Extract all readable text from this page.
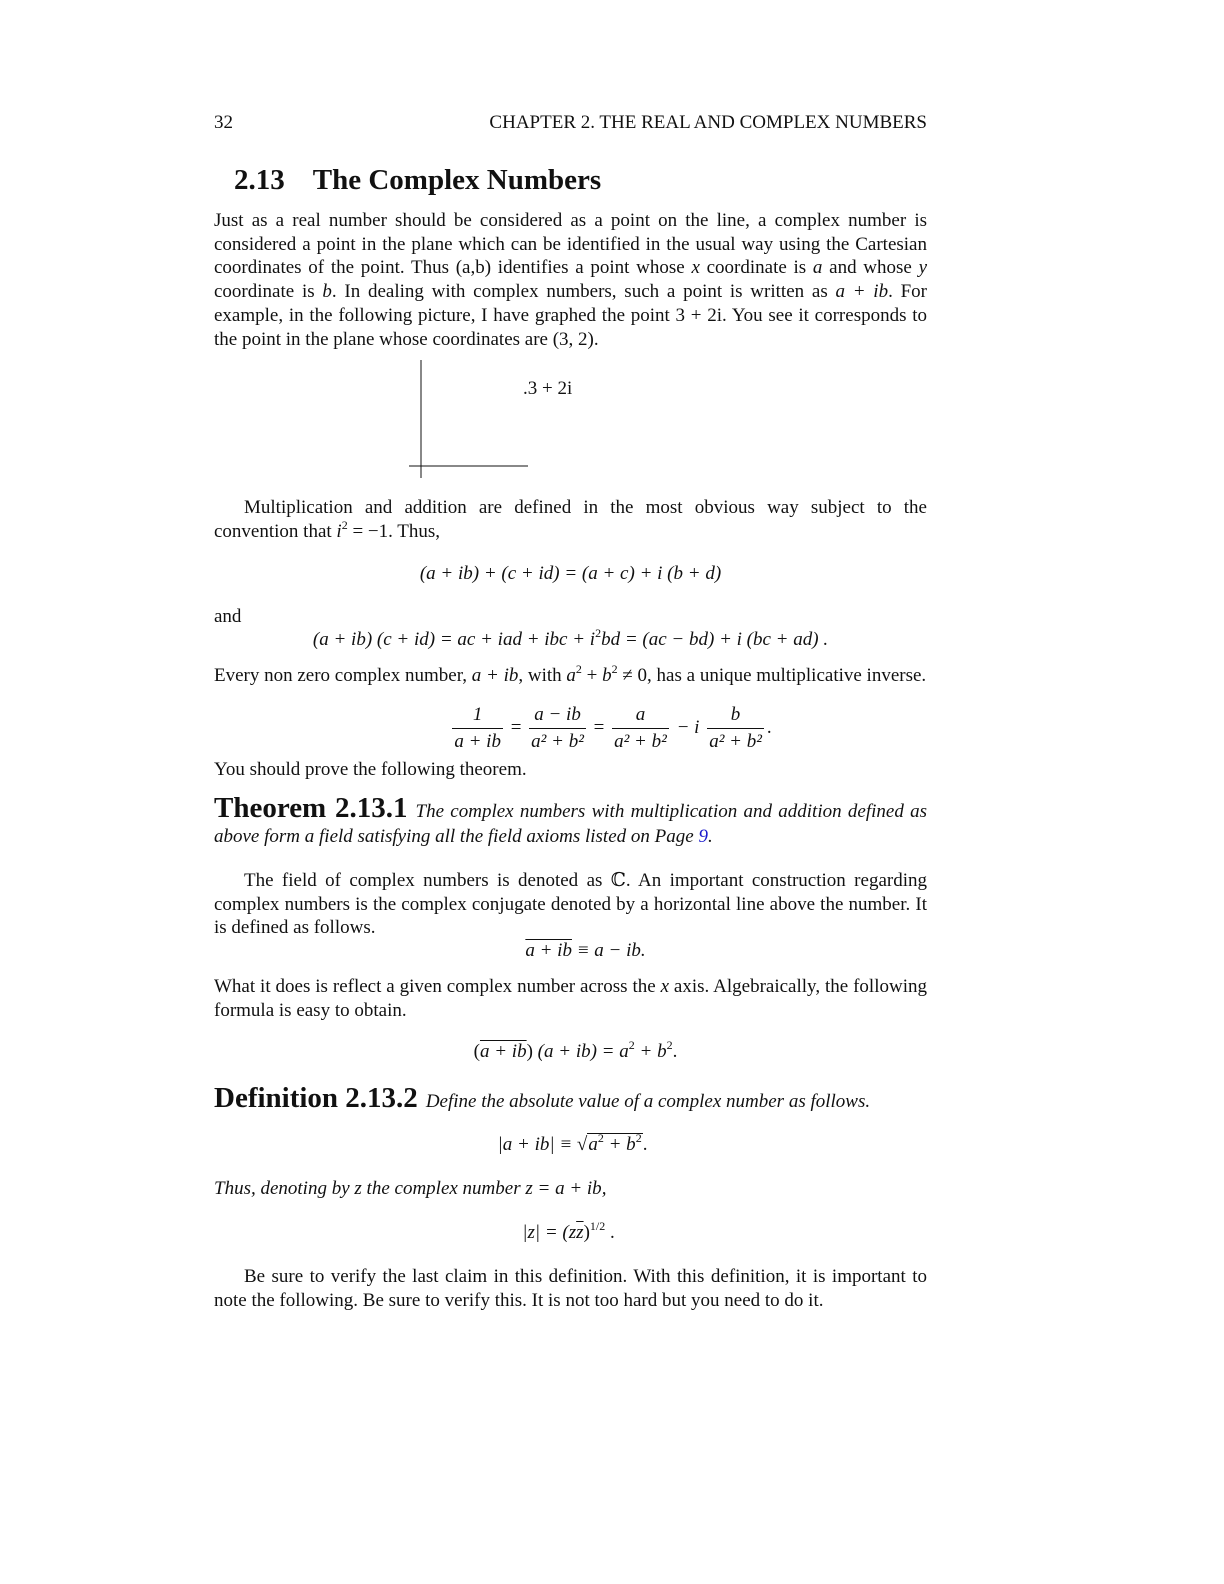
32	CHAPTER 2. THE REAL AND COMPLEX NUMBERS
2.13 The Complex Numbers
Just as a real number should be considered as a point on the line, a complex number is considered a point in the plane which can be identified in the usual way using the Cartesian coordinates of the point. Thus (a,b) identifies a point whose x coordinate is a and whose y coordinate is b. In dealing with complex numbers, such a point is written as a + ib. For example, in the following picture, I have graphed the point 3 + 2i. You see it corresponds to the point in the plane whose coordinates are (3, 2).
.3 + 2i
Multiplication and addition are defined in the most obvious way subject to the convention that $i^2 = -1$. Thus,
(a + ib) + (c + id) = (a + c) + i (b + d)
and
(a + ib) (c + id) = ac + iad + ibc + $i^2bd = (ac - bd) + i$ (bc + ad) .
Every non zero complex number, a + ib, with $a^2 + b^2 \ne 0$, has a unique multiplicative inverse.
$\frac{1}{a + ib} = \frac{a - ib}{\text{a² + b²}} = \frac{a}{\text{a² + b²}} - i \frac{b}{\text{a² + b²}}$ .
You should prove the following theorem.
Theorem 2.13.1 The complex numbers with multiplication and addition defined as above form a field satisfying all the field axioms listed on Page 9.
The field of complex numbers is denoted as ℂ. An important construction regarding complex numbers is the complex conjugate denoted by a horizontal line above the number. It is defined as follows.
a + ib ≡ a − ib.
What it does is reflect a given complex number across the x axis. Algebraically, the following formula is easy to obtain.
(a + ib) $(a + ib) = a^2 + b^2$.
Definition 2.13.2 Define the absolute value of a complex number as follows.
$|a + ib| \equiv √a^2 + b^2$.
Thus, denoting by z the complex number z = a + ib,
$|z| = (z\overline{z})^{1/2}$ .
Be sure to verify the last claim in this definition. With this definition, it is important to note the following. Be sure to verify this. It is not too hard but you need to do it.
